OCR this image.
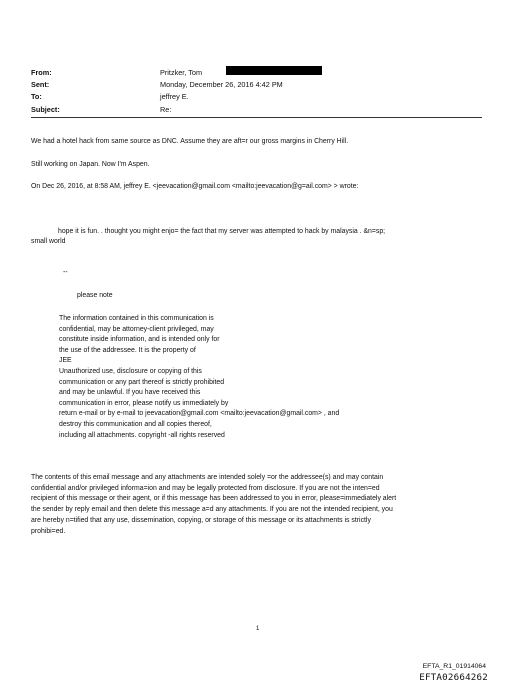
From:	Pritzker, Tom
Sent:	Monday, December 26, 2016 4:42 PM
To:	jeffrey E.
Subject:	Re:
We had a hotel hack from same source as DNC. Assume they are aft=r our gross margins in Cherry Hill.
Still working on Japan. Now I'm Aspen.
On Dec 26, 2016, at 8:58 AM, jeffrey E. <jeevacation@gmail.com <mailto:jeevacation@g=ail.com> > wrote:
hope it is fun. . thought you might enjo= the fact that my server was attempted to hack by malaysia . &n=sp;
small world
--
please note
The information contained in this communication is
confidential, may be attorney-client privileged, may
constitute inside information, and is intended only for
the use of the addressee. It is the property of
JEE
Unauthorized use, disclosure or copying of this
communication or any part thereof is strictly prohibited
and may be unlawful. If you have received this
communication in error, please notify us immediately by
return e-mail or by e-mail to jeevacation@gmail.com <mailto:jeevacation@gmail.com> , and
destroy this communication and all copies thereof,
including all attachments. copyright -all rights reserved
The contents of this email message and any attachments are intended solely =or the addressee(s) and may contain
confidential and/or privileged informa=ion and may be legally protected from disclosure. If you are not the inten=ed
recipient of this message or their agent, or if this message has been addressed to you in error, please=immediately alert
the sender by reply email and then delete this message a=d any attachments. If you are not the intended recipient, you
are hereby n=tified that any use, dissemination, copying, or storage of this message or its attachments is strictly
prohibi=ed.
1
EFTA_R1_01914064
EFTA02664262
